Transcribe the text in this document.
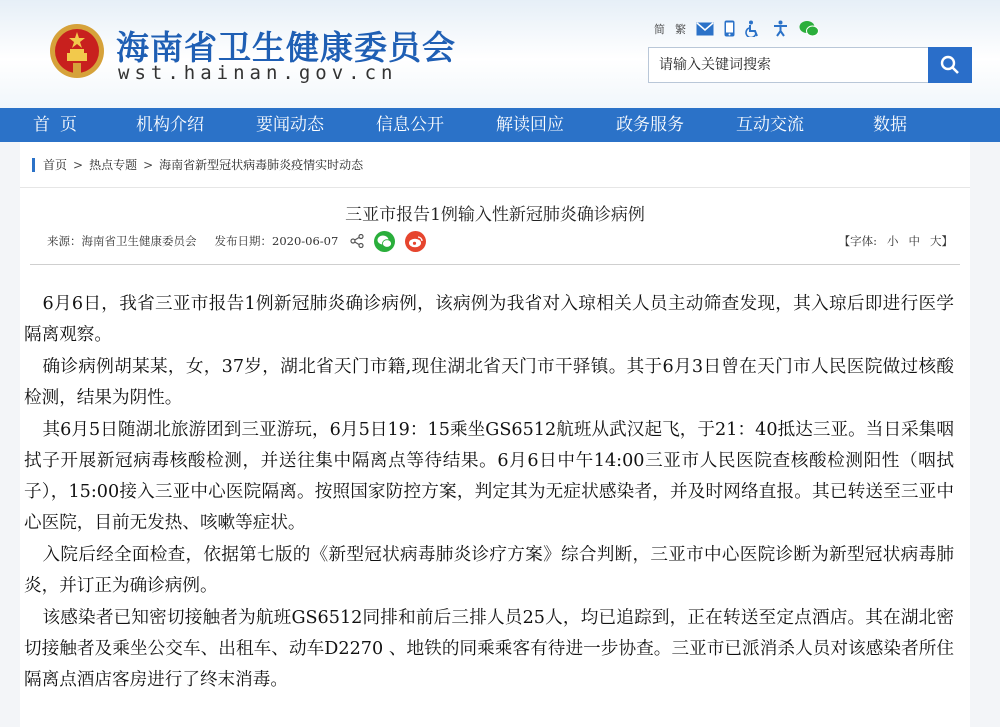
海南省卫生健康委员会
wst.hainan.gov.cn
简 繁
请输入关键词搜索
首页	机构介绍	要闻动态	信息公开	解读回应	政务服务	互动交流	数据
首页 > 热点专题 > 海南省新型冠状病毒肺炎疫情实时动态
三亚市报告1例输入性新冠肺炎确诊病例
来源：海南省卫生健康委员会 发布日期：2020-06-07	【字体: 小 中 大】

6月6日，我省三亚市报告1例新冠肺炎确诊病例，该病例为我省对入琼相关人员主动筛查发现，其入琼后即进行医学隔离观察。

确诊病例胡某某，女，37岁，湖北省天门市籍,现住湖北省天门市干驿镇。其于6月3日曾在天门市人民医院做过核酸检测，结果为阴性。

其6月5日随湖北旅游团到三亚游玩，6月5日19：15乘坐GS6512航班从武汉起飞，于21：40抵达三亚。当日采集咽拭子开展新冠病毒核酸检测，并送往集中隔离点等待结果。6月6日中午14:00三亚市人民医院查核酸检测阳性（咽拭子），15:00接入三亚中心医院隔离。按照国家防控方案，判定其为无症状感染者，并及时网络直报。其已转送至三亚中心医院，目前无发热、咳嗽等症状。

入院后经全面检查，依据第七版的《新型冠状病毒肺炎诊疗方案》综合判断，三亚市中心医院诊断为新型冠状病毒肺炎，并订正为确诊病例。

该感染者已知密切接触者为航班GS6512同排和前后三排人员25人，均已追踪到，正在转送至定点酒店。其在湖北密切接触者及乘坐公交车、出租车、动车D2270 、地铁的同乘乘客有待进一步协查。三亚市已派消杀人员对该感染者所住隔离点酒店客房进行了终末消毒。
